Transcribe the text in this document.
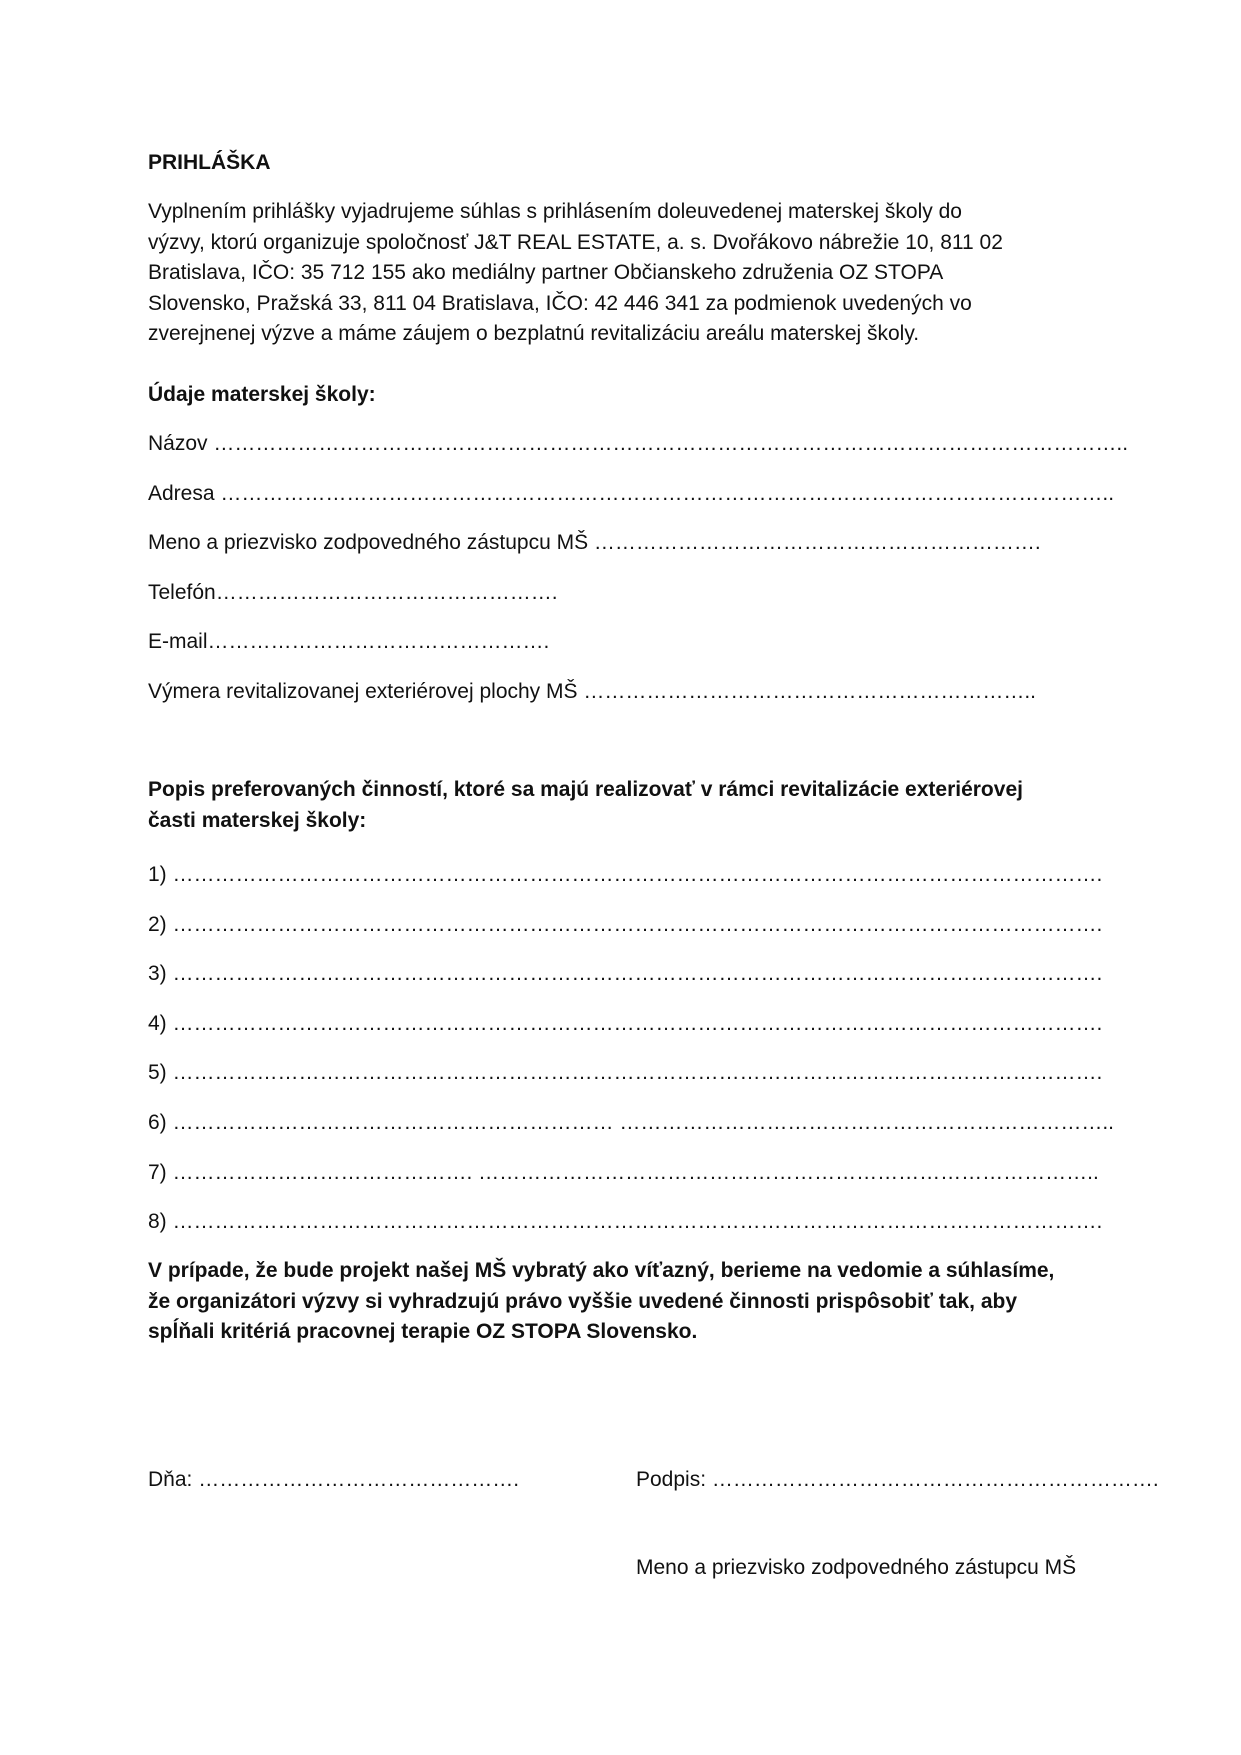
PRIHLÁŠKA
Vyplnením prihlášky vyjadrujeme súhlas s prihlásením doleuvedenej materskej školy do
výzvy, ktorú organizuje spoločnosť J&T REAL ESTATE, a. s. Dvořákovo nábrežie 10, 811 02
Bratislava, IČO: 35 712 155 ako mediálny partner Občianskeho združenia OZ STOPA
Slovensko, Pražská 33, 811 04 Bratislava, IČO: 42 446 341 za podmienok uvedených vo
zverejnenej výzve a máme záujem o bezplatnú revitalizáciu areálu materskej školy.
Údaje materskej školy:
Názov …………………………………………………………………………………………………………………..
Adresa ………………………………………………………………………………………………………………..
Meno a priezvisko zodpovedného zástupcu MŠ ……………………………………………………….
Telefón………………………………………….
E-mail………………………………………….
Výmera revitalizovanej exteriérovej plochy MŠ ………………………………………………………..
Popis preferovaných činností, ktoré sa majú realizovať v rámci revitalizácie exteriérovej
časti materskej školy:
1) …………………………………………………………………………………………………………………….
2) …………………………………………………………………………………………………………………….
3) …………………………………………………………………………………………………………………….
4) …………………………………………………………………………………………………………………….
5) …………………………………………………………………………………………………………………….
6) ……………………………………………………… ……………………………………………………………..
7) ……………………………………. ……………………………………………………………………………..
8) …………………………………………………………………………………………………………………….
V prípade, že bude projekt našej MŠ vybratý ako víťazný, berieme na vedomie a súhlasíme,
že organizátori výzvy si vyhradzujú právo vyššie uvedené činnosti prispôsobiť tak, aby
spĺňali kritériá pracovnej terapie OZ STOPA Slovensko.
Dňa: ……………………………………….	Podpis: ……………………………………………………….
Meno a priezvisko zodpovedného zástupcu MŠ
